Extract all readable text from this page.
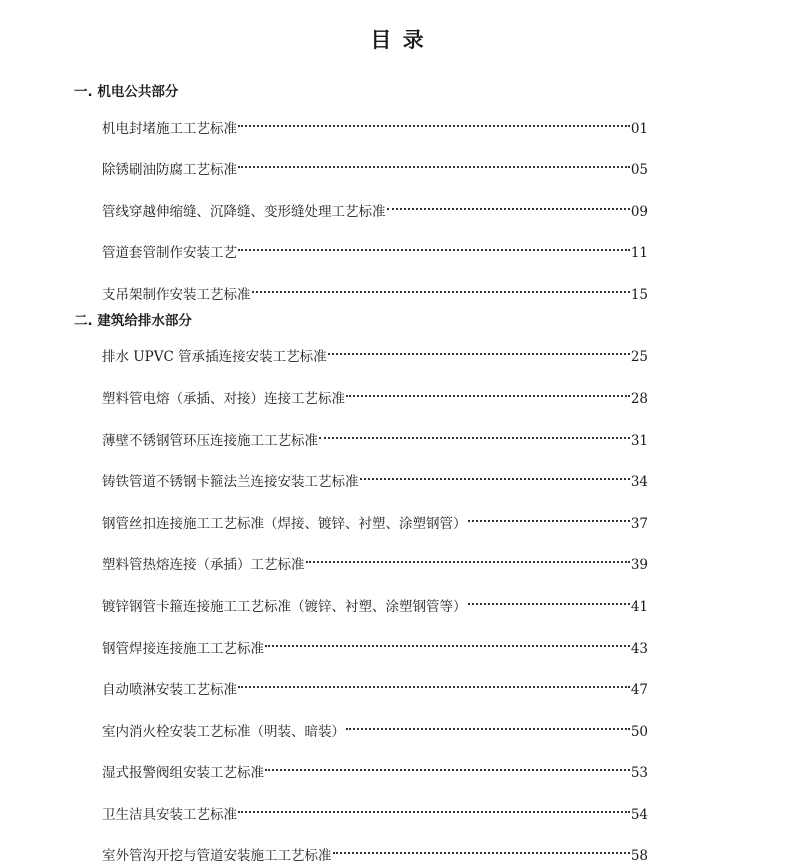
目 录
一. 机电公共部分
机电封堵施工工艺标准	01
除锈刷油防腐工艺标准	05
管线穿越伸缩缝、沉降缝、变形缝处理工艺标准	09
管道套管制作安装工艺	11
支吊架制作安装工艺标准	15
二. 建筑给排水部分
排水 UPVC 管承插连接安装工艺标准	25
塑料管电熔（承插、对接）连接工艺标准	28
薄壁不锈钢管环压连接施工工艺标准	31
铸铁管道不锈钢卡箍法兰连接安装工艺标准	34
钢管丝扣连接施工工艺标准（焊接、镀锌、衬塑、涂塑钢管）	37
塑料管热熔连接（承插）工艺标准	39
镀锌钢管卡箍连接施工工艺标准（镀锌、衬塑、涂塑钢管等）	41
钢管焊接连接施工工艺标准	43
自动喷淋安装工艺标准	47
室内消火栓安装工艺标准（明装、暗装）	50
湿式报警阀组安装工艺标准	53
卫生洁具安装工艺标准	54
室外管沟开挖与管道安装施工工艺标准	58
